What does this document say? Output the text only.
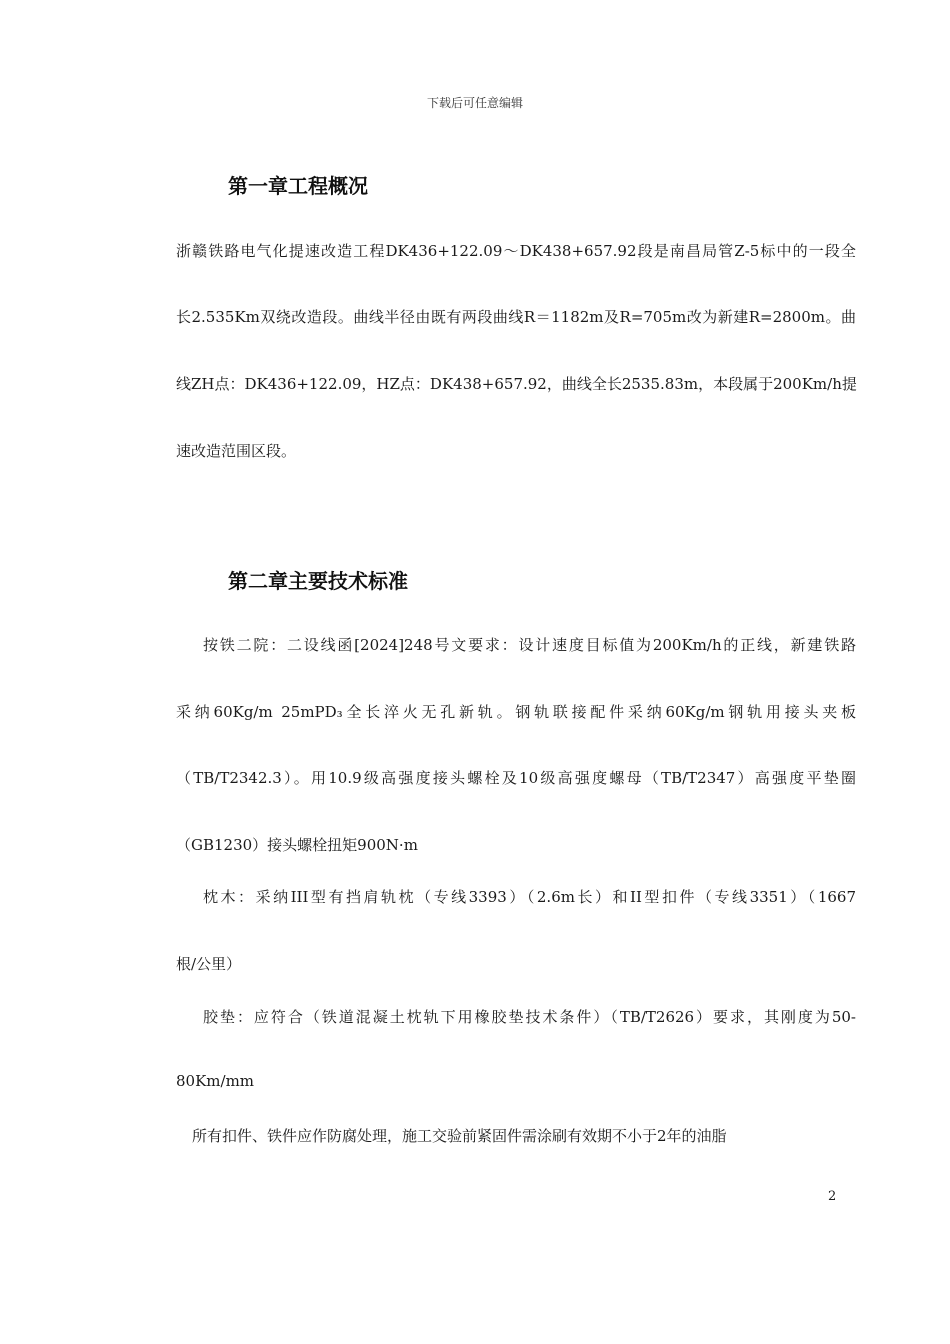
下载后可任意编辑
第一章工程概况
浙赣铁路电气化提速改造工程DK436+122.09～DK438+657.92段是南昌局管Z-5标中的一段全
长2.535Km双绕改造段。曲线半径由既有两段曲线R＝1182m及R=705m改为新建R=2800m。曲
线ZH点：DK436+122.09，HZ点：DK438+657.92，曲线全长2535.83m，本段属于200Km/h提
速改造范围区段。
第二章主要技术标准
按铁二院：二设线函[2024]248号文要求：设计速度目标值为200Km/h的正线，新建铁路
采纳60Kg/m 25mPD₃全长淬火无孔新轨。钢轨联接配件采纳60Kg/m钢轨用接头夹板
（TB/T2342.3）。用10.9级高强度接头螺栓及10级高强度螺母（TB/T2347）高强度平垫圈
（GB1230）接头螺栓扭矩900N·m
枕木：采纳III型有挡肩轨枕（专线3393）（2.6m长）和II型扣件（专线3351）（1667
根/公里）
胶垫：应符合（铁道混凝土枕轨下用橡胶垫技术条件）（TB/T2626）要求，其刚度为50-
80Km/mm
所有扣件、铁件应作防腐处理，施工交验前紧固件需涂刷有效期不小于2年的油脂
2
